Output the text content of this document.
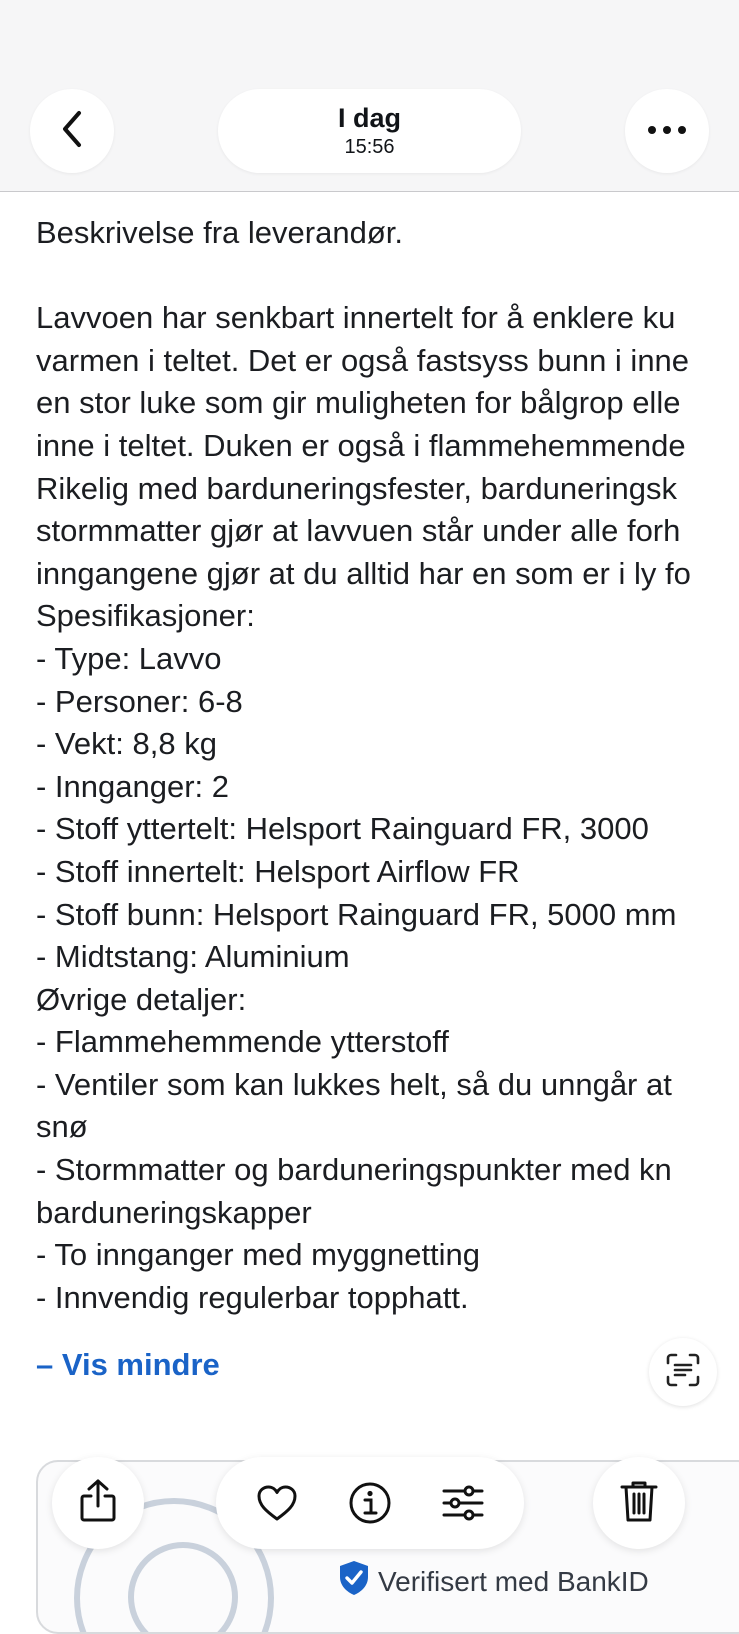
I dag
15:56
Beskrivelse fra leverandør.
Lavvoen har senkbart innertelt for å enklere ku
varmen i teltet. Det er også fastsyss bunn i inne
en stor luke som gir muligheten for bålgrop elle
inne i teltet. Duken er også i flammehemmende
Rikelig med barduneringsfester, barduneringsk
stormmatter gjør at lavvuen står under alle forh
inngangene gjør at du alltid har en som er i ly fo
Spesifikasjoner:
- Type: Lavvo
- Personer: 6-8
- Vekt: 8,8 kg
- Innganger: 2
- Stoff yttertelt: Helsport Rainguard FR, 3000
- Stoff innertelt: Helsport Airflow FR
- Stoff bunn: Helsport Rainguard FR, 5000 mm
- Midtstang: Aluminium
Øvrige detaljer:
- Flammehemmende ytterstoff
- Ventiler som kan lukkes helt, så du unngår at
snø
- Stormmatter og barduneringspunkter med kn
barduneringskapper
- To innganger med myggnetting
- Innvendig regulerbar topphatt.
– Vis mindre
Verifisert med BankID
